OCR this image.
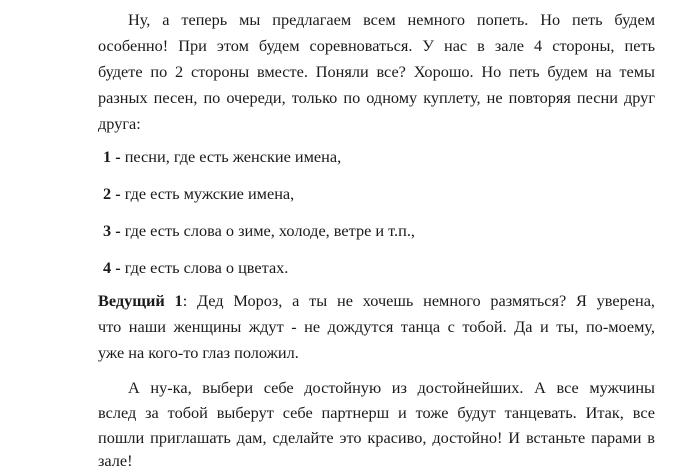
Ну, а теперь мы предлагаем всем немного попеть. Но петь будем
особенно! При этом будем соревноваться. У нас в зале 4 стороны, петь
будете по 2 стороны вместе. Поняли все? Хорошо. Но петь будем на темы
разных песен, по очереди, только по одному куплету, не повторяя песни друг
друга:
1 - песни, где есть женские имена,
2 - где есть мужские имена,
3 - где есть слова о зиме, холоде, ветре и т.п.,
4 - где есть слова о цветах.
Ведущий 1: Дед Мороз, а ты не хочешь немного размяться? Я уверена,
что наши женщины ждут - не дождутся танца с тобой. Да и ты, по-моему,
уже на кого-то глаз положил.
А ну-ка, выбери себе достойную из достойнейших. А все мужчины
вслед за тобой выберут себе партнерш и тоже будут танцевать. Итак, все
пошли приглашать дам, сделайте это красиво, достойно! И встаньте парами в
зале!
